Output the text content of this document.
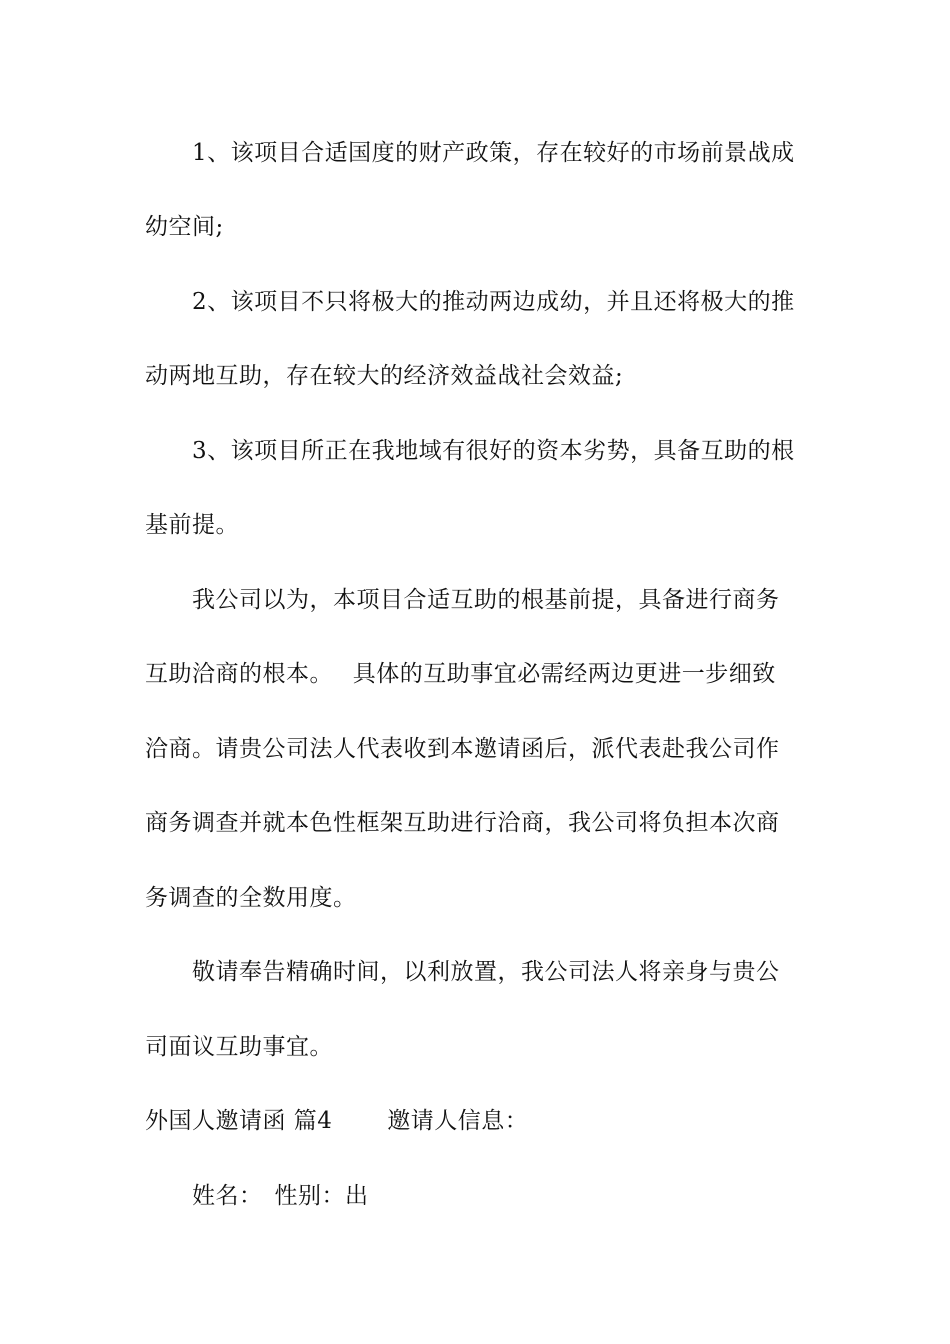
　　1、该项目合适国度的财产政策，存在较好的市场前景战成
幼空间;
　　2、该项目不只将极大的推动两边成幼，并且还将极大的推
动两地互助，存在较大的经济效益战社会效益;
　　3、该项目所正在我地域有很好的资本劣势，具备互助的根
基前提。
　　我公司以为，本项目合适互助的根基前提，具备进行商务
互助洽商的根本。　 具体的互助事宜必需经两边更进一步细致
洽商。请贵公司法人代表收到本邀请函后，派代表赴我公司作
商务调查并就本色性框架互助进行洽商，我公司将负担本次商
务调查的全数用度。
　　敬请奉告精确时间，以利放置，我公司法人将亲身与贵公
司面议互助事宜。
外国人邀请函 篇4　　 邀请人信息：
　　姓名：　性别：出
